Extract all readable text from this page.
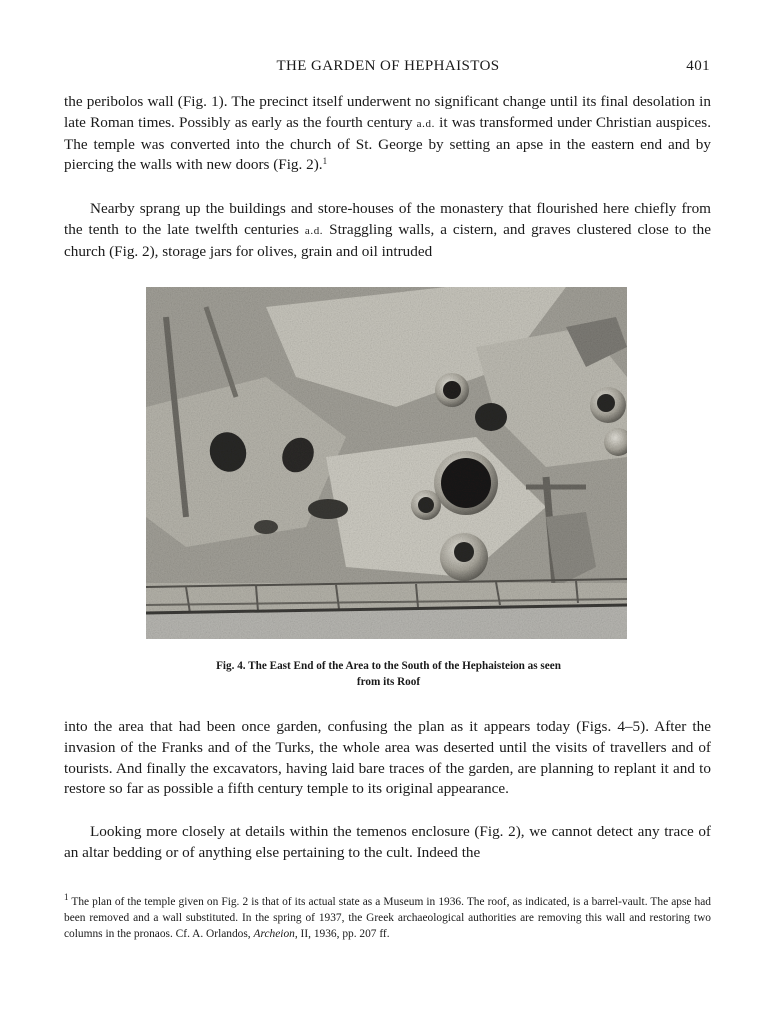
THE GARDEN OF HEPHAISTOS	401

the peribolos wall (Fig. 1). The precinct itself underwent no significant change until its final desolation in late Roman times. Possibly as early as the fourth century a.d. it was transformed under Christian auspices. The temple was converted into the church of St. George by setting an apse in the eastern end and by piercing the walls with new doors (Fig. 2).$^1$

Nearby sprang up the buildings and store-houses of the monastery that flourished here chiefly from the tenth to the late twelfth centuries a.d. Straggling walls, a cistern, and graves clustered close to the church (Fig. 2), storage jars for olives, grain and oil intruded

Fig. 4. The East End of the Area to the South of the Hephaisteion as seen
from its Roof

into the area that had been once garden, confusing the plan as it appears today (Figs. 4–5). After the invasion of the Franks and of the Turks, the whole area was deserted until the visits of travellers and of tourists. And finally the excavators, having laid bare traces of the garden, are planning to replant it and to restore so far as possible a fifth century temple to its original appearance.

Looking more closely at details within the temenos enclosure (Fig. 2), we cannot detect any trace of an altar bedding or of anything else pertaining to the cult. Indeed the

$^1$ The plan of the temple given on Fig. 2 is that of its actual state as a Museum in 1936. The roof, as indicated, is a barrel-vault. The apse had been removed and a wall substituted. In the spring of 1937, the Greek archaeological authorities are removing this wall and restoring two columns in the pronaos. Cf. A. Orlandos, Archeion, II, 1936, pp. 207 ff.
